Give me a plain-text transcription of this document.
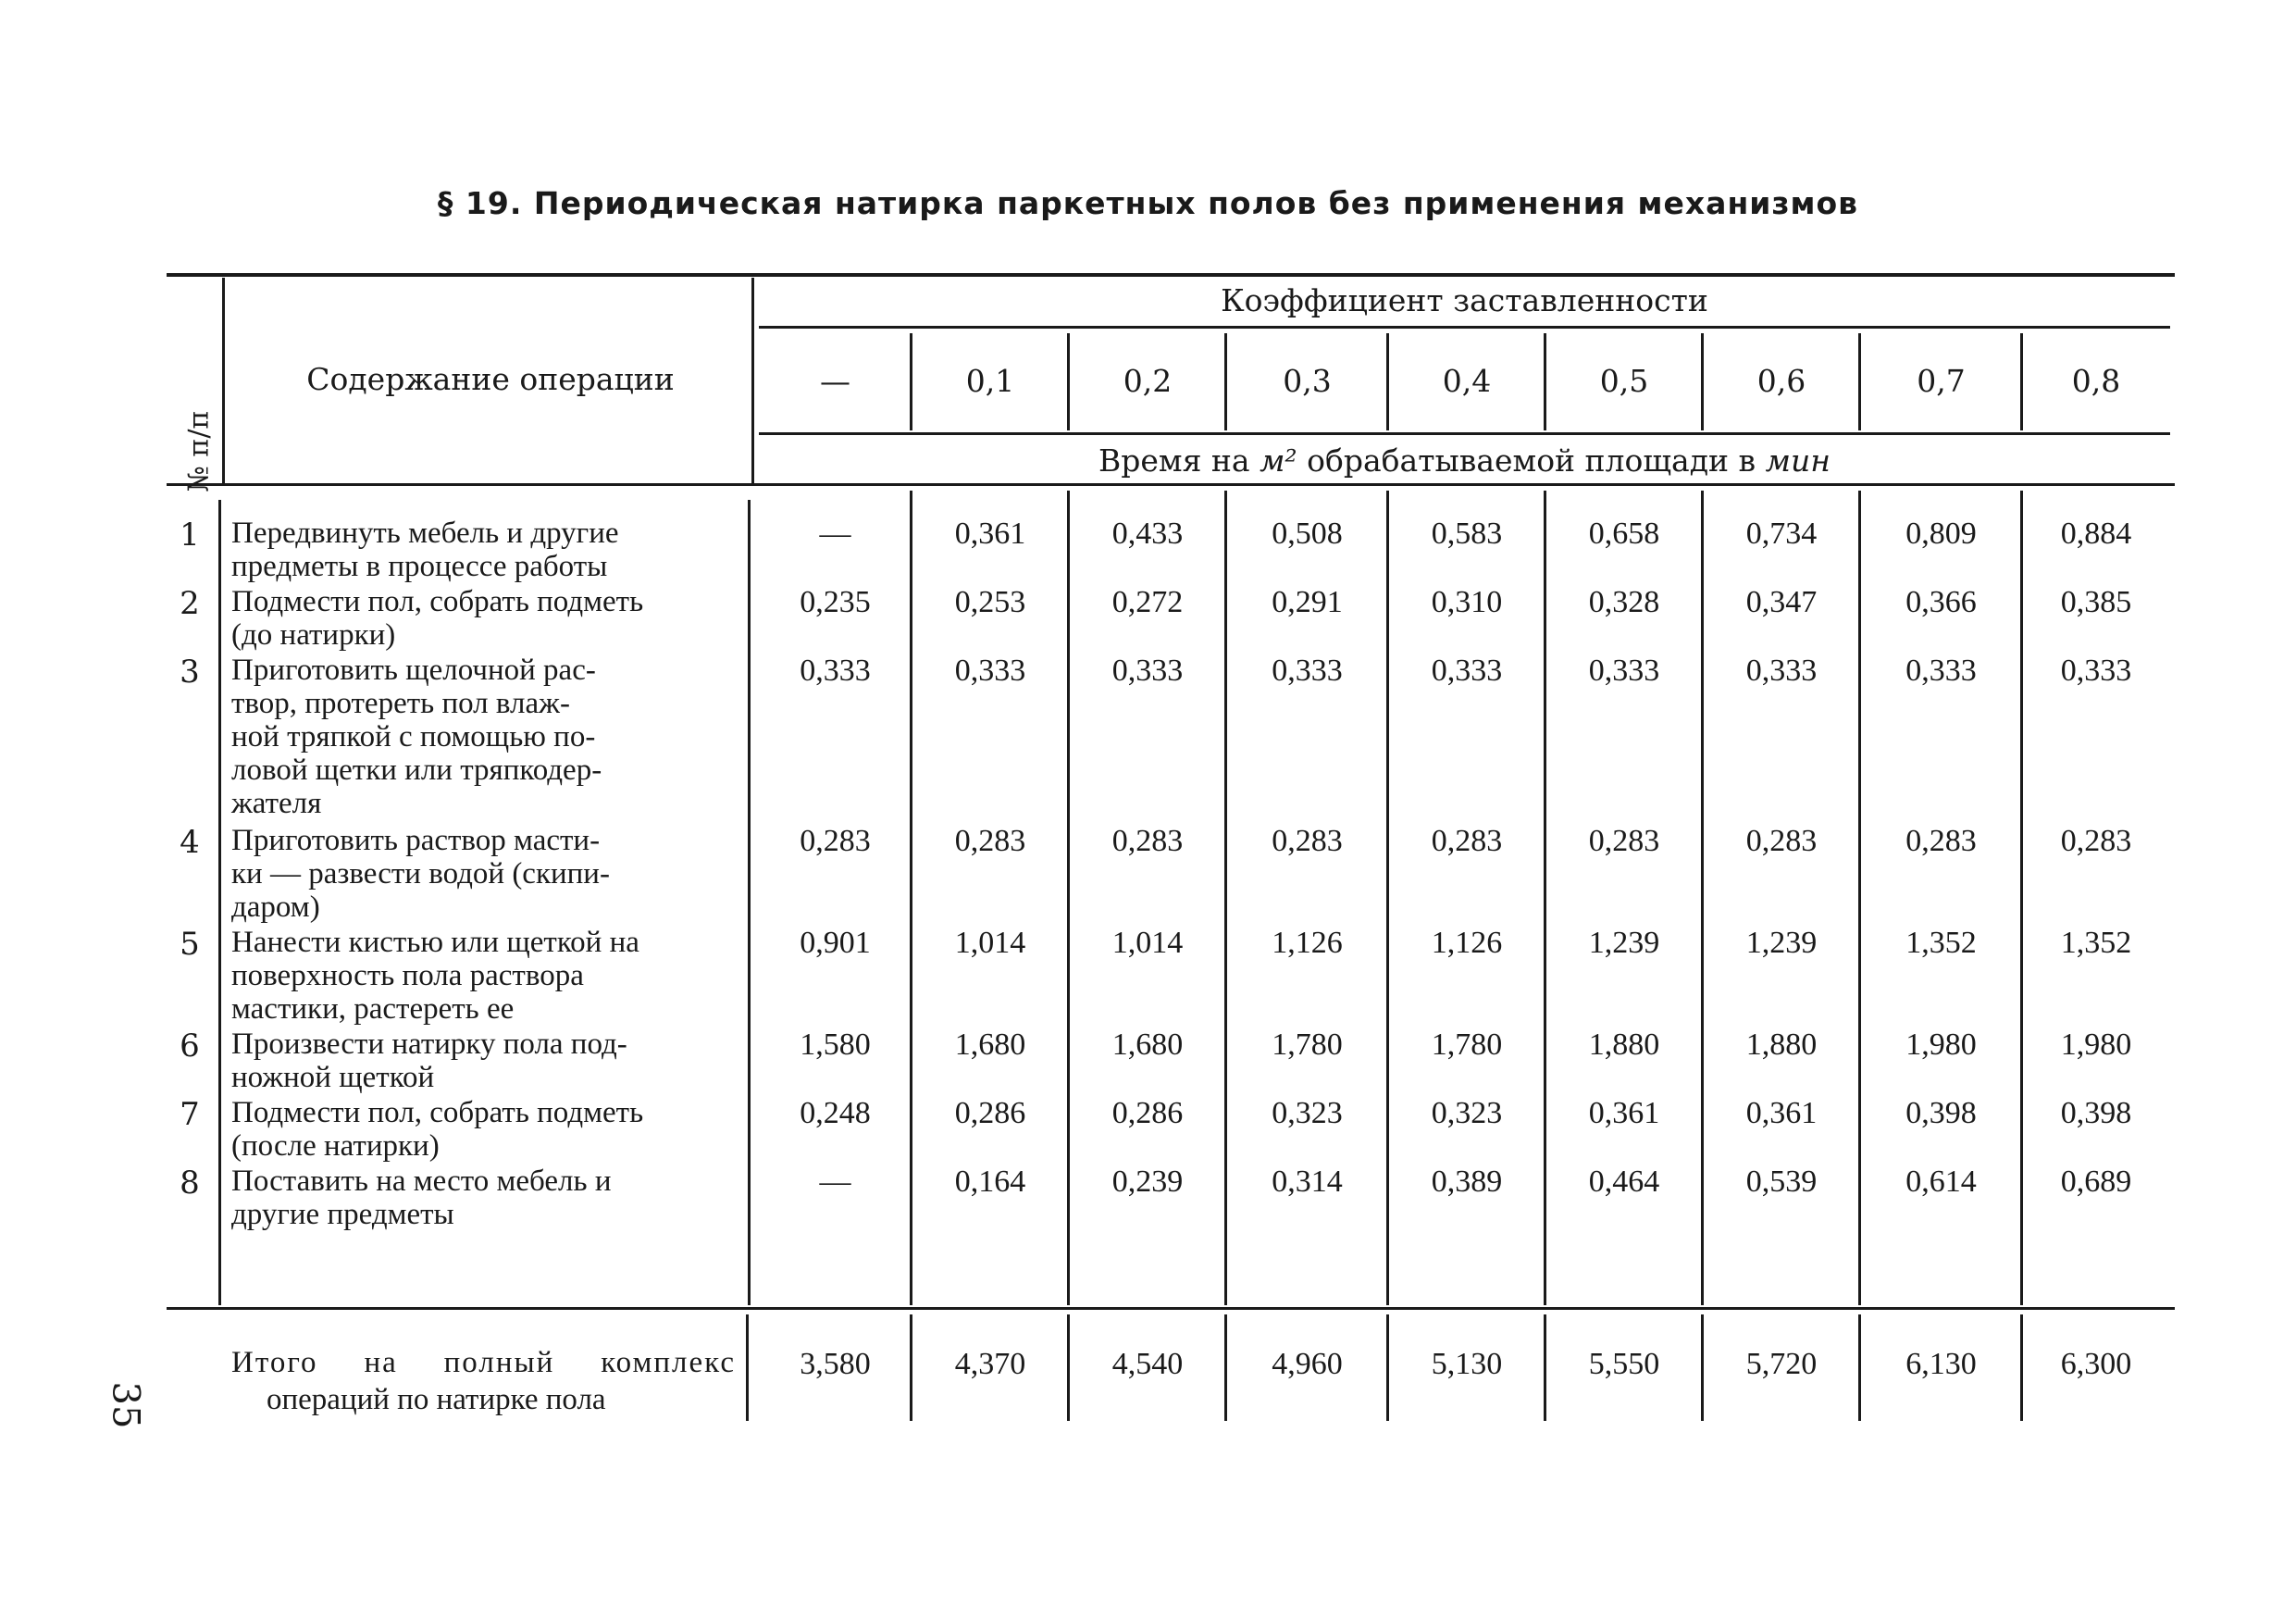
§ 19. Периодическая натирка паркетных полов без применения механизмов
№ п/п
Содержание операции
Коэффициент заставленности
—	0,1	0,2	0,3	0,4	0,5	0,6	0,7	0,8
Время на м² обрабатываемой площади в мин
1 Передвинуть мебель и другие
предметы в процессе работы
—	0,361	0,433	0,508	0,583	0,658	0,734	0,809	0,884
2 Подмести пол, собрать подметь
(до натирки)
0,235	0,253	0,272	0,291	0,310	0,328	0,347	0,366	0,385
3 Приготовить щелочной рас-
твор, протереть пол влаж-
ной тряпкой с помощью по-
ловой щетки или тряпкодер-
жателя
0,333	0,333	0,333	0,333	0,333	0,333	0,333	0,333	0,333
4 Приготовить раствор масти-
ки — развести водой (скипи-
даром)
0,283	0,283	0,283	0,283	0,283	0,283	0,283	0,283	0,283
5 Нанести кистью или щеткой на
поверхность пола раствора
мастики, растереть ее
0,901	1,014	1,014	1,126	1,126	1,239	1,239	1,352	1,352
6 Произвести натирку пола под-
ножной щеткой
1,580	1,680	1,680	1,780	1,780	1,880	1,880	1,980	1,980
7 Подмести пол, собрать подметь
(после натирки)
0,248	0,286	0,286	0,323	0,323	0,361	0,361	0,398	0,398
8 Поставить на место мебель и
другие предметы
—	0,164	0,239	0,314	0,389	0,464	0,539	0,614	0,689
Итого на полный комплекс
операций по натирке пола
3,580	4,370	4,540	4,960	5,130	5,550	5,720	6,130	6,300
35
